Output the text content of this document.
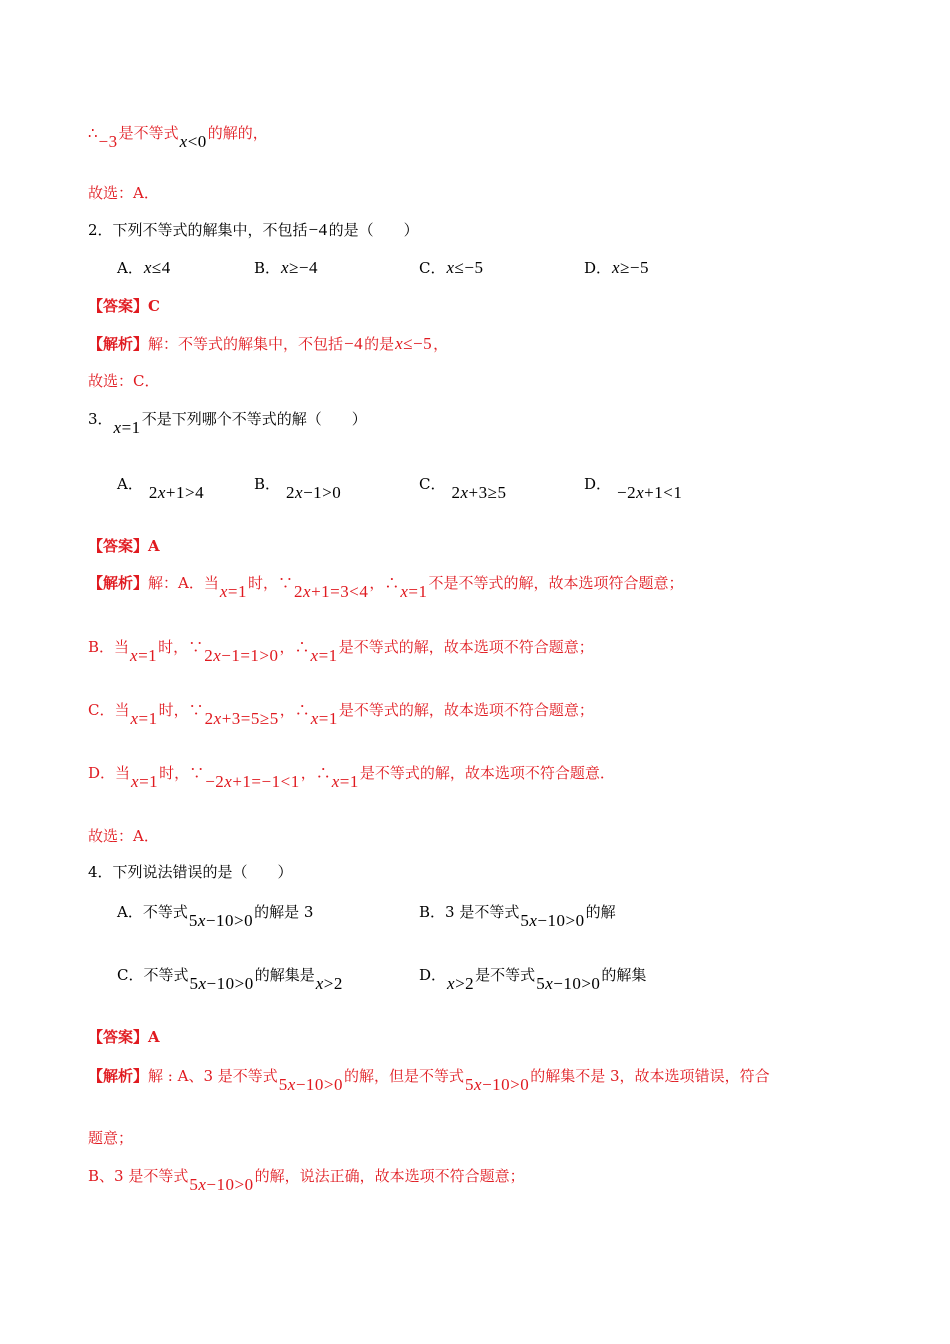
∴−3是不等式x<0的解的，
故选：A．
2．下列不等式的解集中，不包括−4的是（　　）
A．x≤4	B．x≥−4	C．x≤−5	D．x≥−5
【答案】C
【解析】解：不等式的解集中，不包括−4的是x≤−5，
故选：C．
3．x=1不是下列哪个不等式的解（　　）
A． 2x+1>4	B． 2x−1>0	C． 2x+3≥5	D． −2x+1<1
【答案】A
【解析】解：A．当x=1时，∵2x+1=3<4，∴x=1不是不等式的解，故本选项符合题意；
B．当x=1时，∵2x−1=1>0，∴x=1是不等式的解，故本选项不符合题意；
C．当x=1时，∵2x+3=5≥5，∴x=1是不等式的解，故本选项不符合题意；
D．当x=1时，∵−2x+1=−1<1，∴x=1是不等式的解，故本选项不符合题意．
故选：A．
4．下列说法错误的是（　　）
A．不等式5x−10>0的解是 3	B．3 是不等式5x−10>0的解
C．不等式5x−10>0的解集是x>2	D．x>2是不等式5x−10>0的解集
【答案】A
【解析】解 : A、3 是不等式5x−10>0的解，但是不等式5x−10>0的解集不是 3，故本选项错误，符合
题意；
B、3 是不等式5x−10>0的解，说法正确，故本选项不符合题意；
